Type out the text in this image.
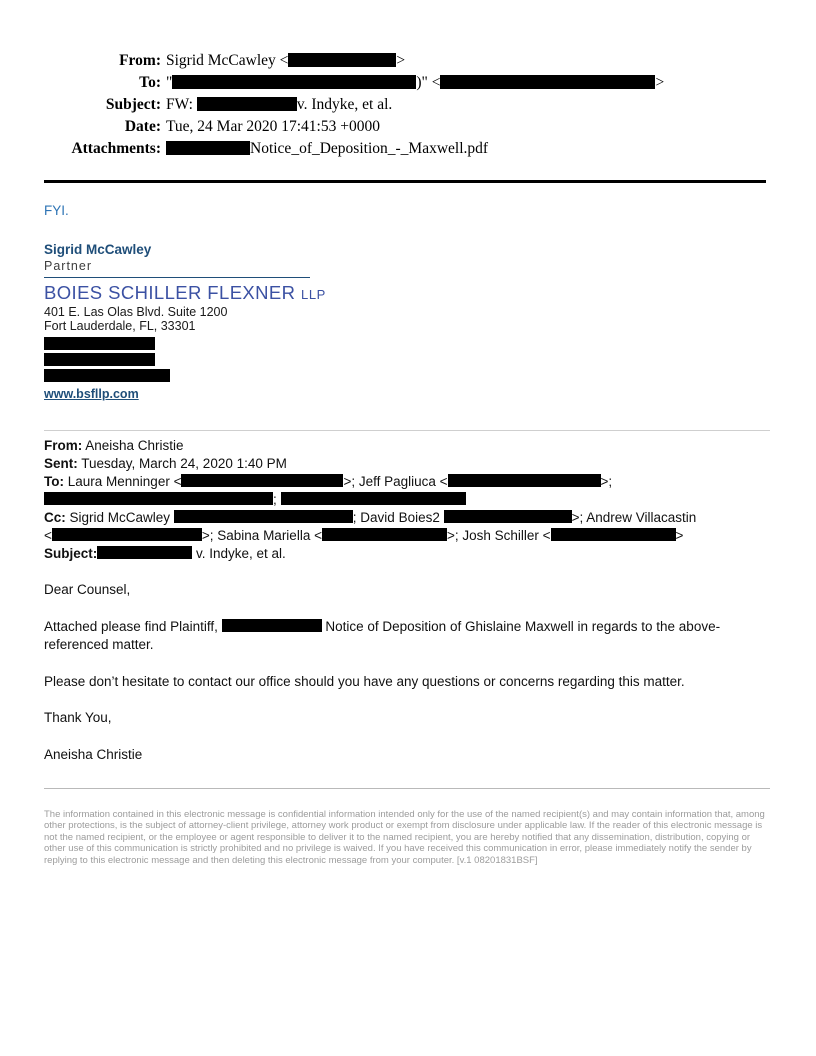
From: Sigrid McCawley <	>
To: "	)" <	>
Subject: FW:	v. Indyke, et al.
Date: Tue, 24 Mar 2020 17:41:53 +0000
Attachments:	Notice_of_Deposition_-_Maxwell.pdf
FYI.
Sigrid McCawley
Partner
BOIES SCHILLER FLEXNER LLP
401 E. Las Olas Blvd. Suite 1200
Fort Lauderdale, FL, 33301
www.bsfllp.com
From: Aneisha Christie
Sent: Tuesday, March 24, 2020 1:40 PM
To: Laura Menninger <	>; Jeff Pagliuca <	>;
;
Cc: Sigrid McCawley	; David Boies2	>; Andrew Villacastin
<	>; Sabina Mariella <	>; Josh Schiller <	>
Subject:	v. Indyke, et al.

Dear Counsel,

Attached please find Plaintiff,	Notice of Deposition of Ghislaine Maxwell in regards to the above-referenced matter.

Please don’t hesitate to contact our office should you have any questions or concerns regarding this matter.

Thank You,

Aneisha Christie

The information contained in this electronic message is confidential information intended only for the use of the named recipient(s) and may contain information that, among other protections, is the subject of attorney-client privilege, attorney work product or exempt from disclosure under applicable law. If the reader of this electronic message is not the named recipient, or the employee or agent responsible to deliver it to the named recipient, you are hereby notified that any dissemination, distribution, copying or other use of this communication is strictly prohibited and no privilege is waived. If you have received this communication in error, please immediately notify the sender by replying to this electronic message and then deleting this electronic message from your computer. [v.1 08201831BSF]
